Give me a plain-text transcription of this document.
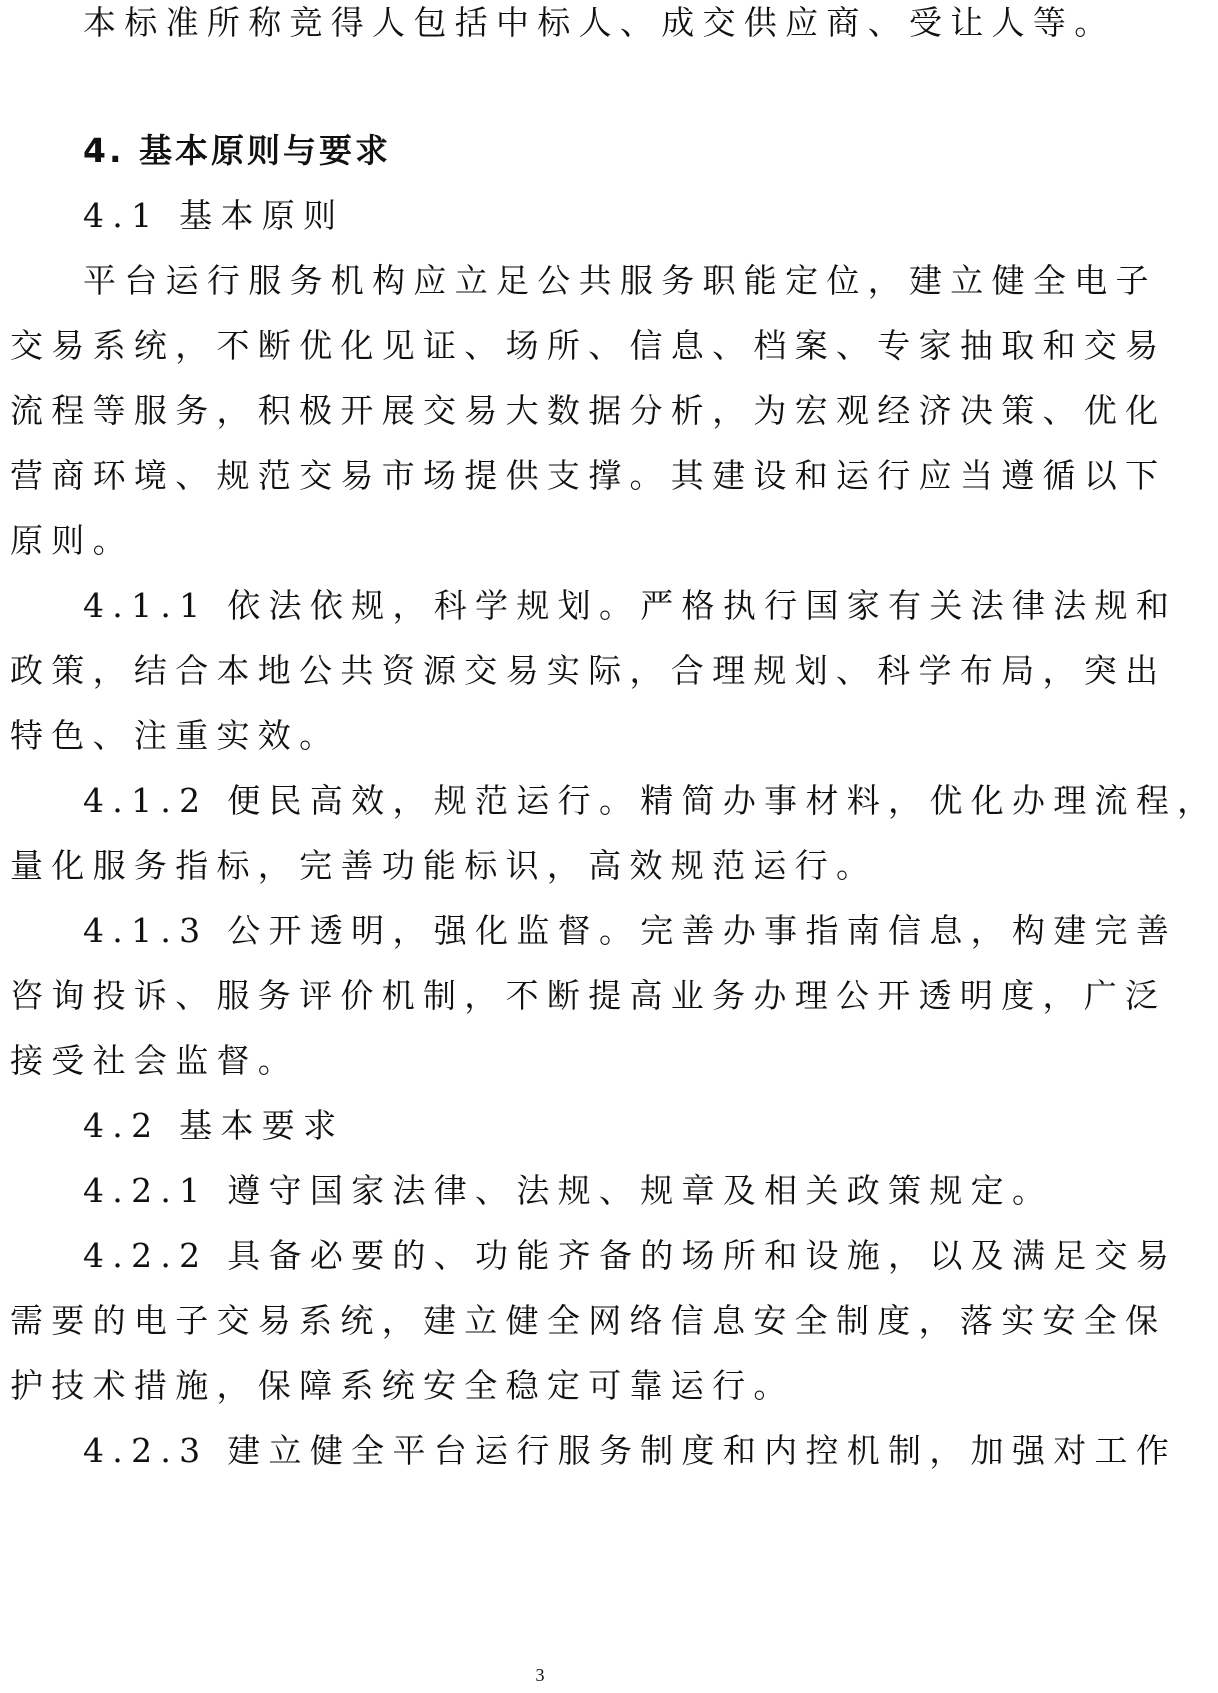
本标准所称竞得人包括中标人、成交供应商、受让人等。
4. 基本原则与要求
4.1 基本原则
平台运行服务机构应立足公共服务职能定位，建立健全电子
交易系统，不断优化见证、场所、信息、档案、专家抽取和交易
流程等服务，积极开展交易大数据分析，为宏观经济决策、优化
营商环境、规范交易市场提供支撑。其建设和运行应当遵循以下
原则。
4.1.1 依法依规，科学规划。严格执行国家有关法律法规和
政策，结合本地公共资源交易实际，合理规划、科学布局，突出
特色、注重实效。
4.1.2 便民高效，规范运行。精简办事材料，优化办理流程，
量化服务指标，完善功能标识，高效规范运行。
4.1.3 公开透明，强化监督。完善办事指南信息，构建完善
咨询投诉、服务评价机制，不断提高业务办理公开透明度，广泛
接受社会监督。
4.2 基本要求
4.2.1 遵守国家法律、法规、规章及相关政策规定。
4.2.2 具备必要的、功能齐备的场所和设施，以及满足交易
需要的电子交易系统，建立健全网络信息安全制度，落实安全保
护技术措施，保障系统安全稳定可靠运行。
4.2.3 建立健全平台运行服务制度和内控机制，加强对工作
3
